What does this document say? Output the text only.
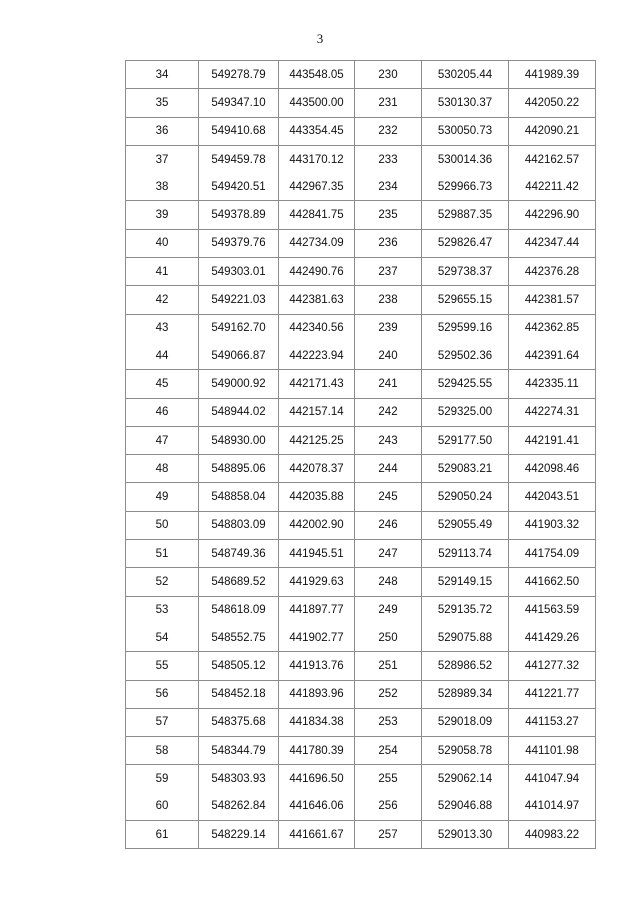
3
34	549278.79	443548.05	230	530205.44	441989.39
35	549347.10	443500.00	231	530130.37	442050.22
36	549410.68	443354.45	232	530050.73	442090.21
37	549459.78	443170.12	233	530014.36	442162.57
38	549420.51	442967.35	234	529966.73	442211.42
39	549378.89	442841.75	235	529887.35	442296.90
40	549379.76	442734.09	236	529826.47	442347.44
41	549303.01	442490.76	237	529738.37	442376.28
42	549221.03	442381.63	238	529655.15	442381.57
43	549162.70	442340.56	239	529599.16	442362.85
44	549066.87	442223.94	240	529502.36	442391.64
45	549000.92	442171.43	241	529425.55	442335.11
46	548944.02	442157.14	242	529325.00	442274.31
47	548930.00	442125.25	243	529177.50	442191.41
48	548895.06	442078.37	244	529083.21	442098.46
49	548858.04	442035.88	245	529050.24	442043.51
50	548803.09	442002.90	246	529055.49	441903.32
51	548749.36	441945.51	247	529113.74	441754.09
52	548689.52	441929.63	248	529149.15	441662.50
53	548618.09	441897.77	249	529135.72	441563.59
54	548552.75	441902.77	250	529075.88	441429.26
55	548505.12	441913.76	251	528986.52	441277.32
56	548452.18	441893.96	252	528989.34	441221.77
57	548375.68	441834.38	253	529018.09	441153.27
58	548344.79	441780.39	254	529058.78	441101.98
59	548303.93	441696.50	255	529062.14	441047.94
60	548262.84	441646.06	256	529046.88	441014.97
61	548229.14	441661.67	257	529013.30	440983.22
